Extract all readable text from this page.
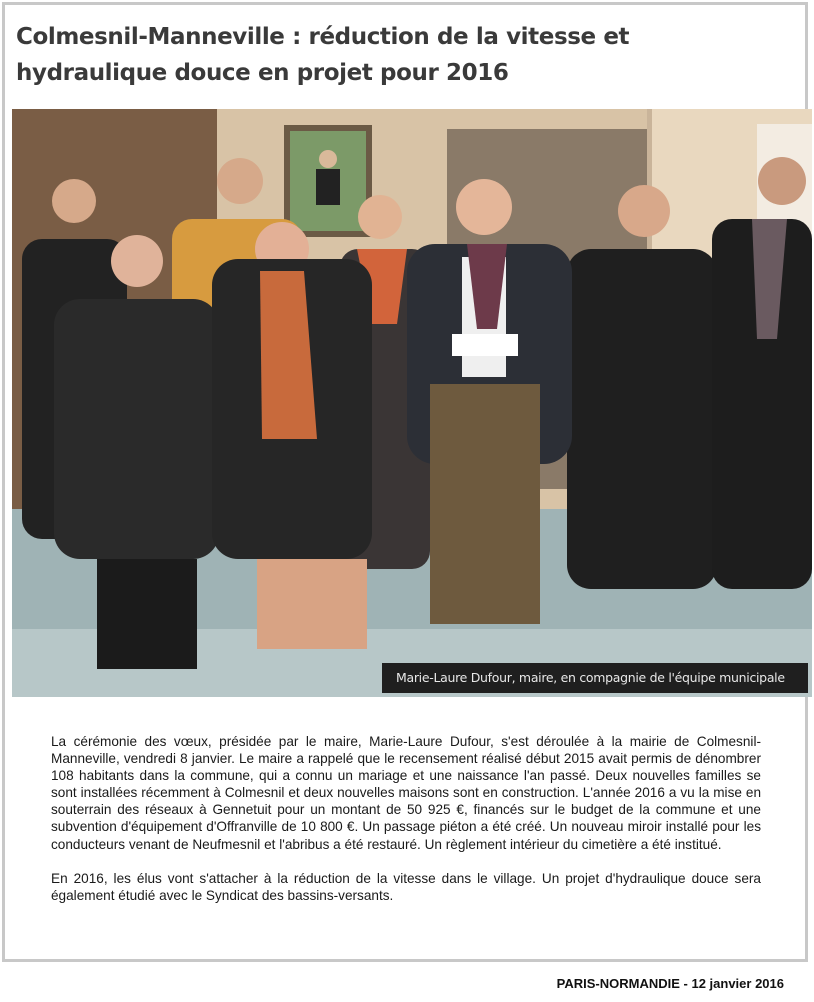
Colmesnil-Manneville : réduction de la vitesse et
hydraulique douce en projet pour 2016
Marie-Laure Dufour, maire, en compagnie de l'équipe municipale

La cérémonie des vœux, présidée par le maire, Marie-Laure Dufour, s'est déroulée à la mairie de Colmesnil-Manneville, vendredi 8 janvier. Le maire a rappelé que le recensement réalisé début 2015 avait permis de dénombrer 108 habitants dans la commune, qui a connu un mariage et une naissance l'an passé. Deux nouvelles familles se sont installées récemment à Colmesnil et deux nouvelles maisons sont en construction. L'année 2016 a vu la mise en souterrain des réseaux à Gennetuit pour un montant de 50 925 €, financés sur le budget de la commune et une subvention d'équipement d'Offranville de 10 800 €. Un passage piéton a été créé. Un nouveau miroir installé pour les conducteurs venant de Neufmesnil et l'abribus a été restauré. Un règlement intérieur du cimetière a été institué.

En 2016, les élus vont s'attacher à la réduction de la vitesse dans le village. Un projet d'hydraulique douce sera également étudié avec le Syndicat des bassins-versants.

PARIS-NORMANDIE - 12 janvier 2016
